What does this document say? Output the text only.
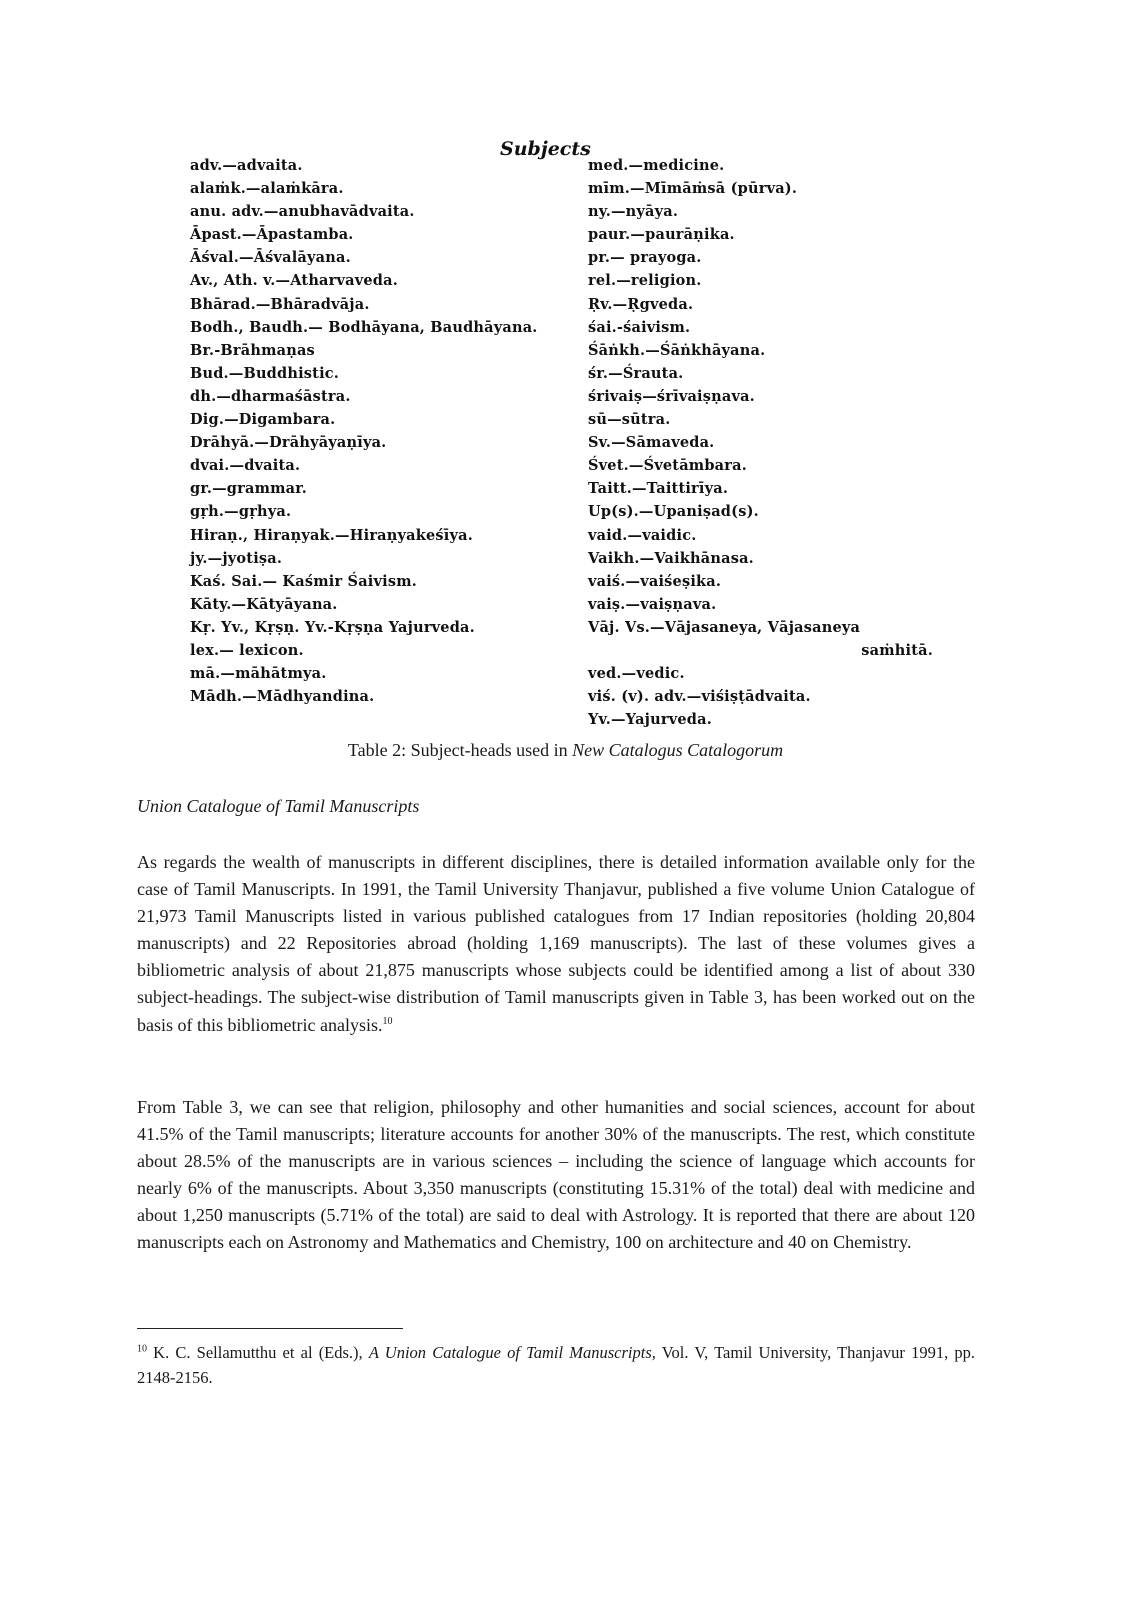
Subjects
adv.—advaita.
alaṁk.—alaṁkāra.
anu. adv.—anubhavādvaita.
Āpast.—Āpastamba.
Āśval.—Āśvalāyana.
Av., Ath. v.—Atharvaveda.
Bhārad.—Bhāradvāja.
Bodh., Baudh.— Bodhāyana, Baudhāyana.
Br.-Brāhmaṇas
Bud.—Buddhistic.
dh.—dharmaśāstra.
Dig.—Digambara.
Drāhyā.—Drāhyāyaṇīya.
dvai.—dvaita.
gr.—grammar.
gṛh.—gṛhya.
Hiraṇ., Hiraṇyak.—Hiraṇyakeśīya.
jy.—jyotiṣa.
Kaś. Sai.— Kaśmir Śaivism.
Kāty.—Kātyāyana.
Kṛ. Yv., Kṛṣṇ. Yv.-Kṛṣṇa Yajurveda.
lex.— lexicon.
mā.—māhātmya.
Mādh.—Mādhyandina.
med.—medicine.
mīm.—Mīmāṁsā (pūrva).
ny.—nyāya.
paur.—paurāṇika.
pr.— prayoga.
rel.—religion.
Ṛv.—Ṛgveda.
śai.-śaivism.
Śāṅkh.—Śāṅkhāyana.
śr.—Śrauta.
śrivaiṣ—śrīvaiṣṇava.
sū—sūtra.
Sv.—Sāmaveda.
Śvet.—Śvetāmbara.
Taitt.—Taittirīya.
Up(s).—Upaniṣad(s).
vaid.—vaidic.
Vaikh.—Vaikhānasa.
vaiś.—vaiśeṣika.
vaiṣ.—vaiṣṇava.
Vāj. Vs.—Vājasaneya, Vājasaneya
saṁhitā.
ved.—vedic.
viś. (v). adv.—viśiṣṭādvaita.
Yv.—Yajurveda.
Table 2: Subject-heads used in New Catalogus Catalogorum
Union Catalogue of Tamil Manuscripts

As regards the wealth of manuscripts in different disciplines, there is detailed information available only for the case of Tamil Manuscripts. In 1991, the Tamil University Thanjavur, published a five volume Union Catalogue of 21,973 Tamil Manuscripts listed in various published catalogues from 17 Indian repositories (holding 20,804 manuscripts) and 22 Repositories abroad (holding 1,169 manuscripts). The last of these volumes gives a bibliometric analysis of about 21,875 manuscripts whose subjects could be identified among a list of about 330 subject-headings. The subject-wise distribution of Tamil manuscripts given in Table 3, has been worked out on the basis of this bibliometric analysis.$^{10}$

From Table 3, we can see that religion, philosophy and other humanities and social sciences, account for about 41.5% of the Tamil manuscripts; literature accounts for another 30% of the manuscripts. The rest, which constitute about 28.5% of the manuscripts are in various sciences – including the science of language which accounts for nearly 6% of the manuscripts. About 3,350 manuscripts (constituting 15.31% of the total) deal with medicine and about 1,250 manuscripts (5.71% of the total) are said to deal with Astrology. It is reported that there are about 120 manuscripts each on Astronomy and Mathematics and Chemistry, 100 on architecture and 40 on Chemistry.

$^{10}$ K. C. Sellamutthu et al (Eds.), A Union Catalogue of Tamil Manuscripts, Vol. V, Tamil University, Thanjavur 1991, pp. 2148-2156.
